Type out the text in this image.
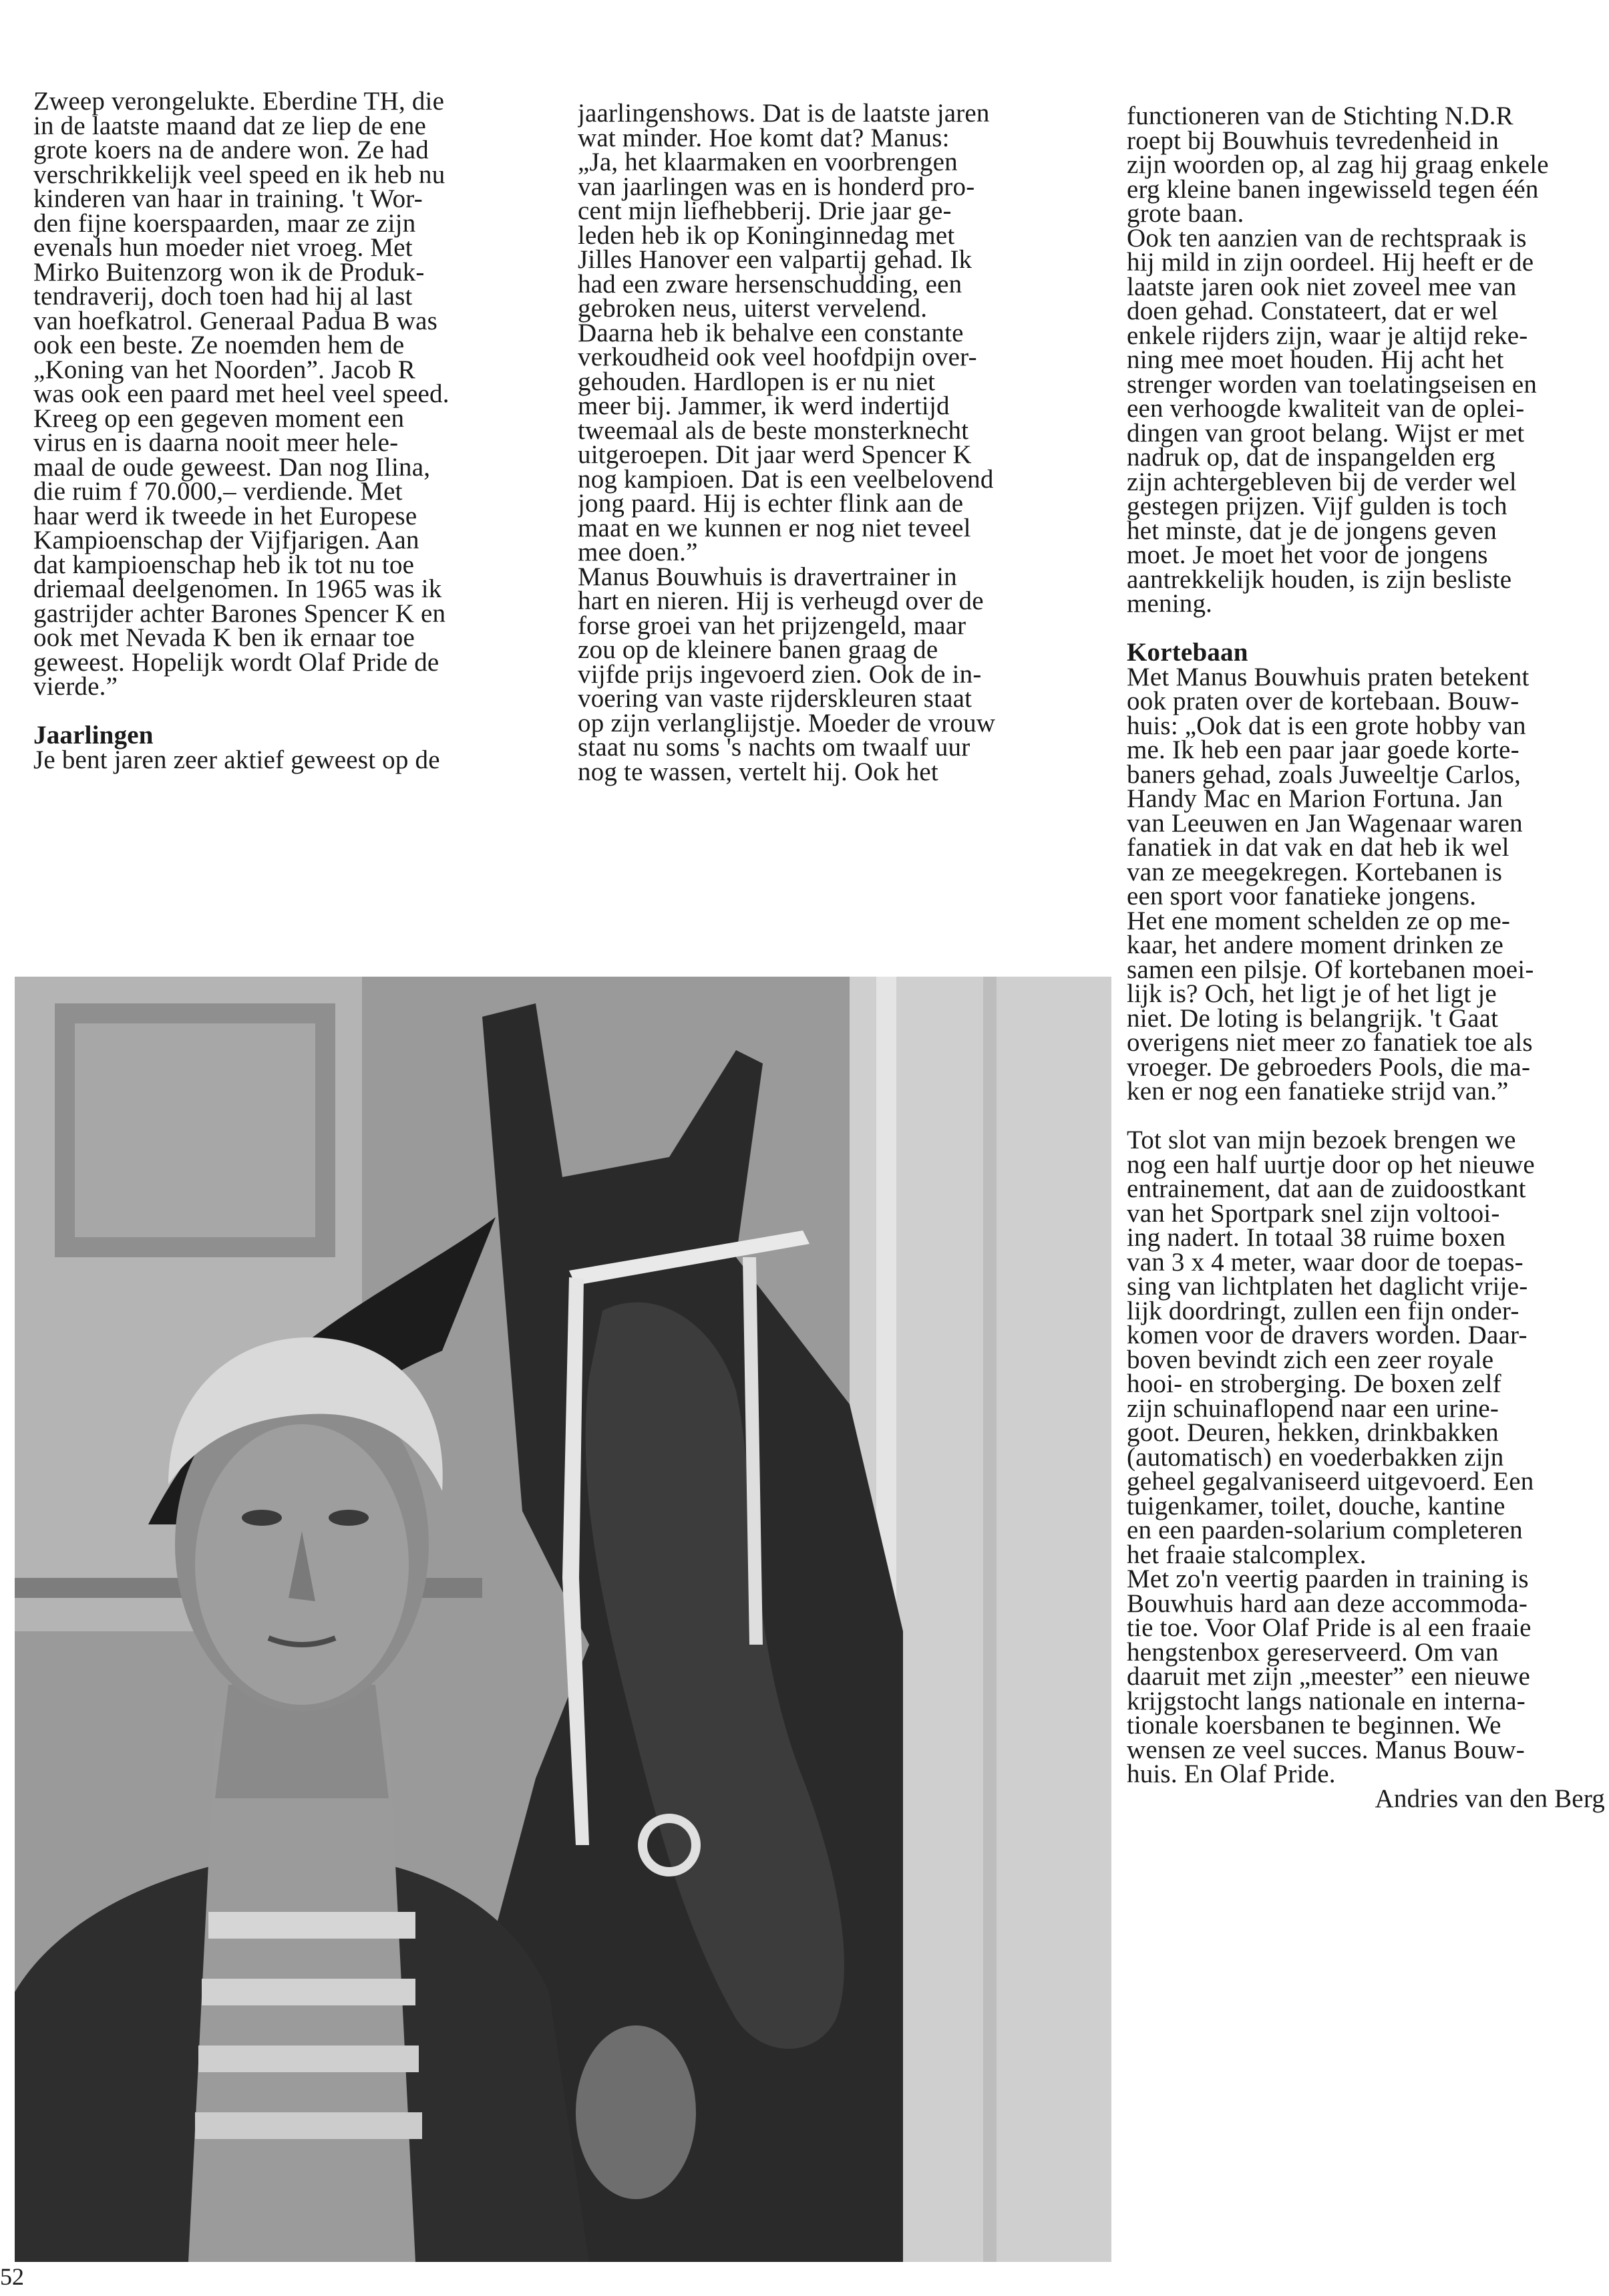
Zweep verongelukte. Eberdine TH, die
in de laatste maand dat ze liep de ene
grote koers na de andere won. Ze had
verschrikkelijk veel speed en ik heb nu
kinderen van haar in training. 't Wor-
den fijne koerspaarden, maar ze zijn
evenals hun moeder niet vroeg. Met
Mirko Buitenzorg won ik de Produk-
tendraverij, doch toen had hij al last
van hoefkatrol. Generaal Padua B was
ook een beste. Ze noemden hem de
„Koning van het Noorden”. Jacob R
was ook een paard met heel veel speed.
Kreeg op een gegeven moment een
virus en is daarna nooit meer hele-
maal de oude geweest. Dan nog Ilina,
die ruim f 70.000,– verdiende. Met
haar werd ik tweede in het Europese
Kampioenschap der Vijfjarigen. Aan
dat kampioenschap heb ik tot nu toe
driemaal deelgenomen. In 1965 was ik
gastrijder achter Barones Spencer K en
ook met Nevada K ben ik ernaar toe
geweest. Hopelijk wordt Olaf Pride de
vierde.”
Jaarlingen
Je bent jaren zeer aktief geweest op de
jaarlingenshows. Dat is de laatste jaren
wat minder. Hoe komt dat? Manus:
„Ja, het klaarmaken en voorbrengen
van jaarlingen was en is honderd pro-
cent mijn liefhebberij. Drie jaar ge-
leden heb ik op Koninginnedag met
Jilles Hanover een valpartij gehad. Ik
had een zware hersenschudding, een
gebroken neus, uiterst vervelend.
Daarna heb ik behalve een constante
verkoudheid ook veel hoofdpijn over-
gehouden. Hardlopen is er nu niet
meer bij. Jammer, ik werd indertijd
tweemaal als de beste monsterknecht
uitgeroepen. Dit jaar werd Spencer K
nog kampioen. Dat is een veelbelovend
jong paard. Hij is echter flink aan de
maat en we kunnen er nog niet teveel
mee doen.”
Manus Bouwhuis is dravertrainer in
hart en nieren. Hij is verheugd over de
forse groei van het prijzengeld, maar
zou op de kleinere banen graag de
vijfde prijs ingevoerd zien. Ook de in-
voering van vaste rijderskleuren staat
op zijn verlanglijstje. Moeder de vrouw
staat nu soms 's nachts om twaalf uur
nog te wassen, vertelt hij. Ook het
functioneren van de Stichting N.D.R
roept bij Bouwhuis tevredenheid in
zijn woorden op, al zag hij graag enkele
erg kleine banen ingewisseld tegen één
grote baan.
Ook ten aanzien van de rechtspraak is
hij mild in zijn oordeel. Hij heeft er de
laatste jaren ook niet zoveel mee van
doen gehad. Constateert, dat er wel
enkele rijders zijn, waar je altijd reke-
ning mee moet houden. Hij acht het
strenger worden van toelatingseisen en
een verhoogde kwaliteit van de oplei-
dingen van groot belang. Wijst er met
nadruk op, dat de inspangelden erg
zijn achtergebleven bij de verder wel
gestegen prijzen. Vijf gulden is toch
het minste, dat je de jongens geven
moet. Je moet het voor de jongens
aantrekkelijk houden, is zijn besliste
mening.
Kortebaan
Met Manus Bouwhuis praten betekent
ook praten over de kortebaan. Bouw-
huis: „Ook dat is een grote hobby van
me. Ik heb een paar jaar goede korte-
baners gehad, zoals Juweeltje Carlos,
Handy Mac en Marion Fortuna. Jan
van Leeuwen en Jan Wagenaar waren
fanatiek in dat vak en dat heb ik wel
van ze meegekregen. Kortebanen is
een sport voor fanatieke jongens.
Het ene moment schelden ze op me-
kaar, het andere moment drinken ze
samen een pilsje. Of kortebanen moei-
lijk is? Och, het ligt je of het ligt je
niet. De loting is belangrijk. 't Gaat
overigens niet meer zo fanatiek toe als
vroeger. De gebroeders Pools, die ma-
ken er nog een fanatieke strijd van.”
Tot slot van mijn bezoek brengen we
nog een half uurtje door op het nieuwe
entrainement, dat aan de zuidoostkant
van het Sportpark snel zijn voltooi-
ing nadert. In totaal 38 ruime boxen
van 3 x 4 meter, waar door de toepas-
sing van lichtplaten het daglicht vrije-
lijk doordringt, zullen een fijn onder-
komen voor de dravers worden. Daar-
boven bevindt zich een zeer royale
hooi- en stroberging. De boxen zelf
zijn schuinaflopend naar een urine-
goot. Deuren, hekken, drinkbakken
(automatisch) en voederbakken zijn
geheel gegalvaniseerd uitgevoerd. Een
tuigenkamer, toilet, douche, kantine
en een paarden-solarium completeren
het fraaie stalcomplex.
Met zo'n veertig paarden in training is
Bouwhuis hard aan deze accommoda-
tie toe. Voor Olaf Pride is al een fraaie
hengstenbox gereserveerd. Om van
daaruit met zijn „meester” een nieuwe
krijgstocht langs nationale en interna-
tionale koersbanen te beginnen. We
wensen ze veel succes. Manus Bouw-
huis. En Olaf Pride.
Andries van den Berg
52
